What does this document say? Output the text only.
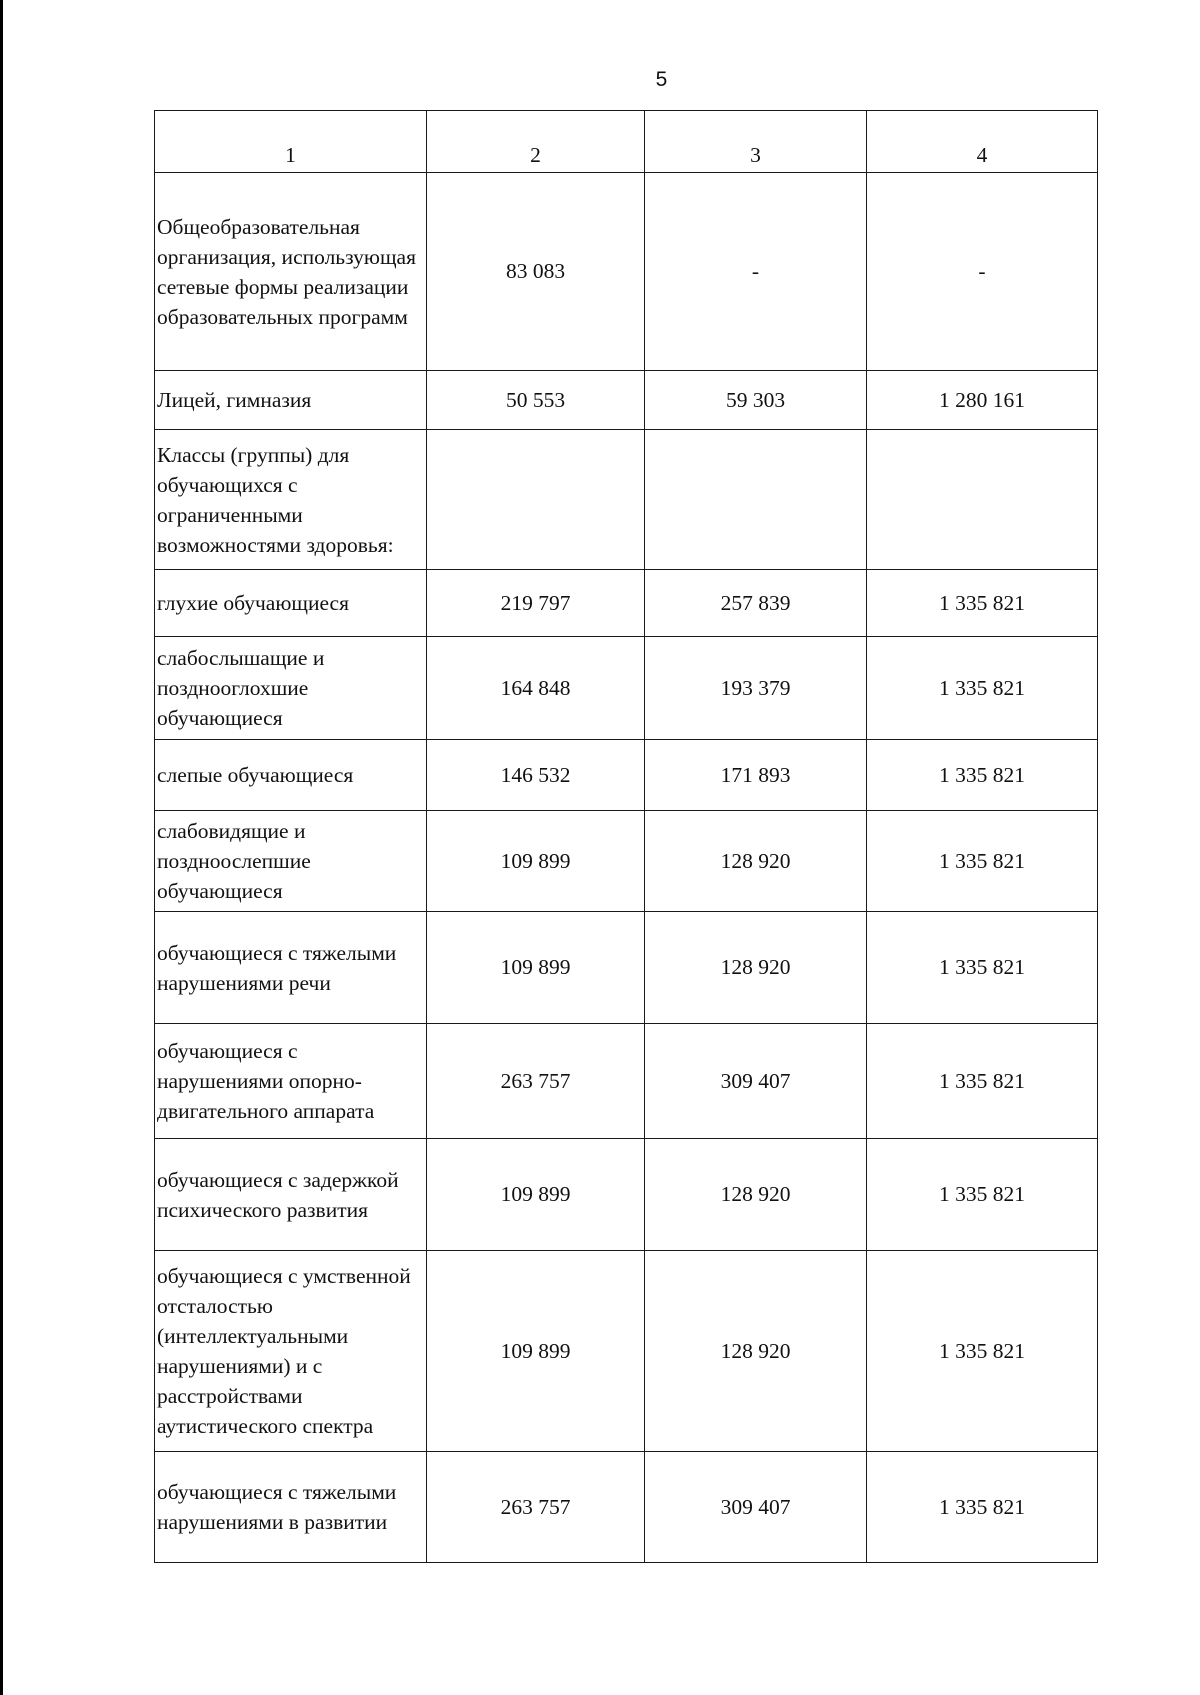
5
1	2	3	4
Общеобразовательная организация, использующая сетевые формы реализации образовательных программ	83 083	-	-
Лицей, гимназия	50 553	59 303	1 280 161
Классы (группы) для обучающихся с ограниченными возможностями здоровья:			
глухие обучающиеся	219 797	257 839	1 335 821
слабослышащие и позднооглохшие обучающиеся	164 848	193 379	1 335 821
слепые обучающиеся	146 532	171 893	1 335 821
слабовидящие и поздноослепшие обучающиеся	109 899	128 920	1 335 821
обучающиеся с тяжелыми нарушениями речи	109 899	128 920	1 335 821
обучающиеся с нарушениями опорно-двигательного аппарата	263 757	309 407	1 335 821
обучающиеся с задержкой психического развития	109 899	128 920	1 335 821
обучающиеся с умственной отсталостью (интеллектуальными нарушениями) и с расстройствами аутистического спектра	109 899	128 920	1 335 821
обучающиеся с тяжелыми нарушениями в развитии	263 757	309 407	1 335 821
